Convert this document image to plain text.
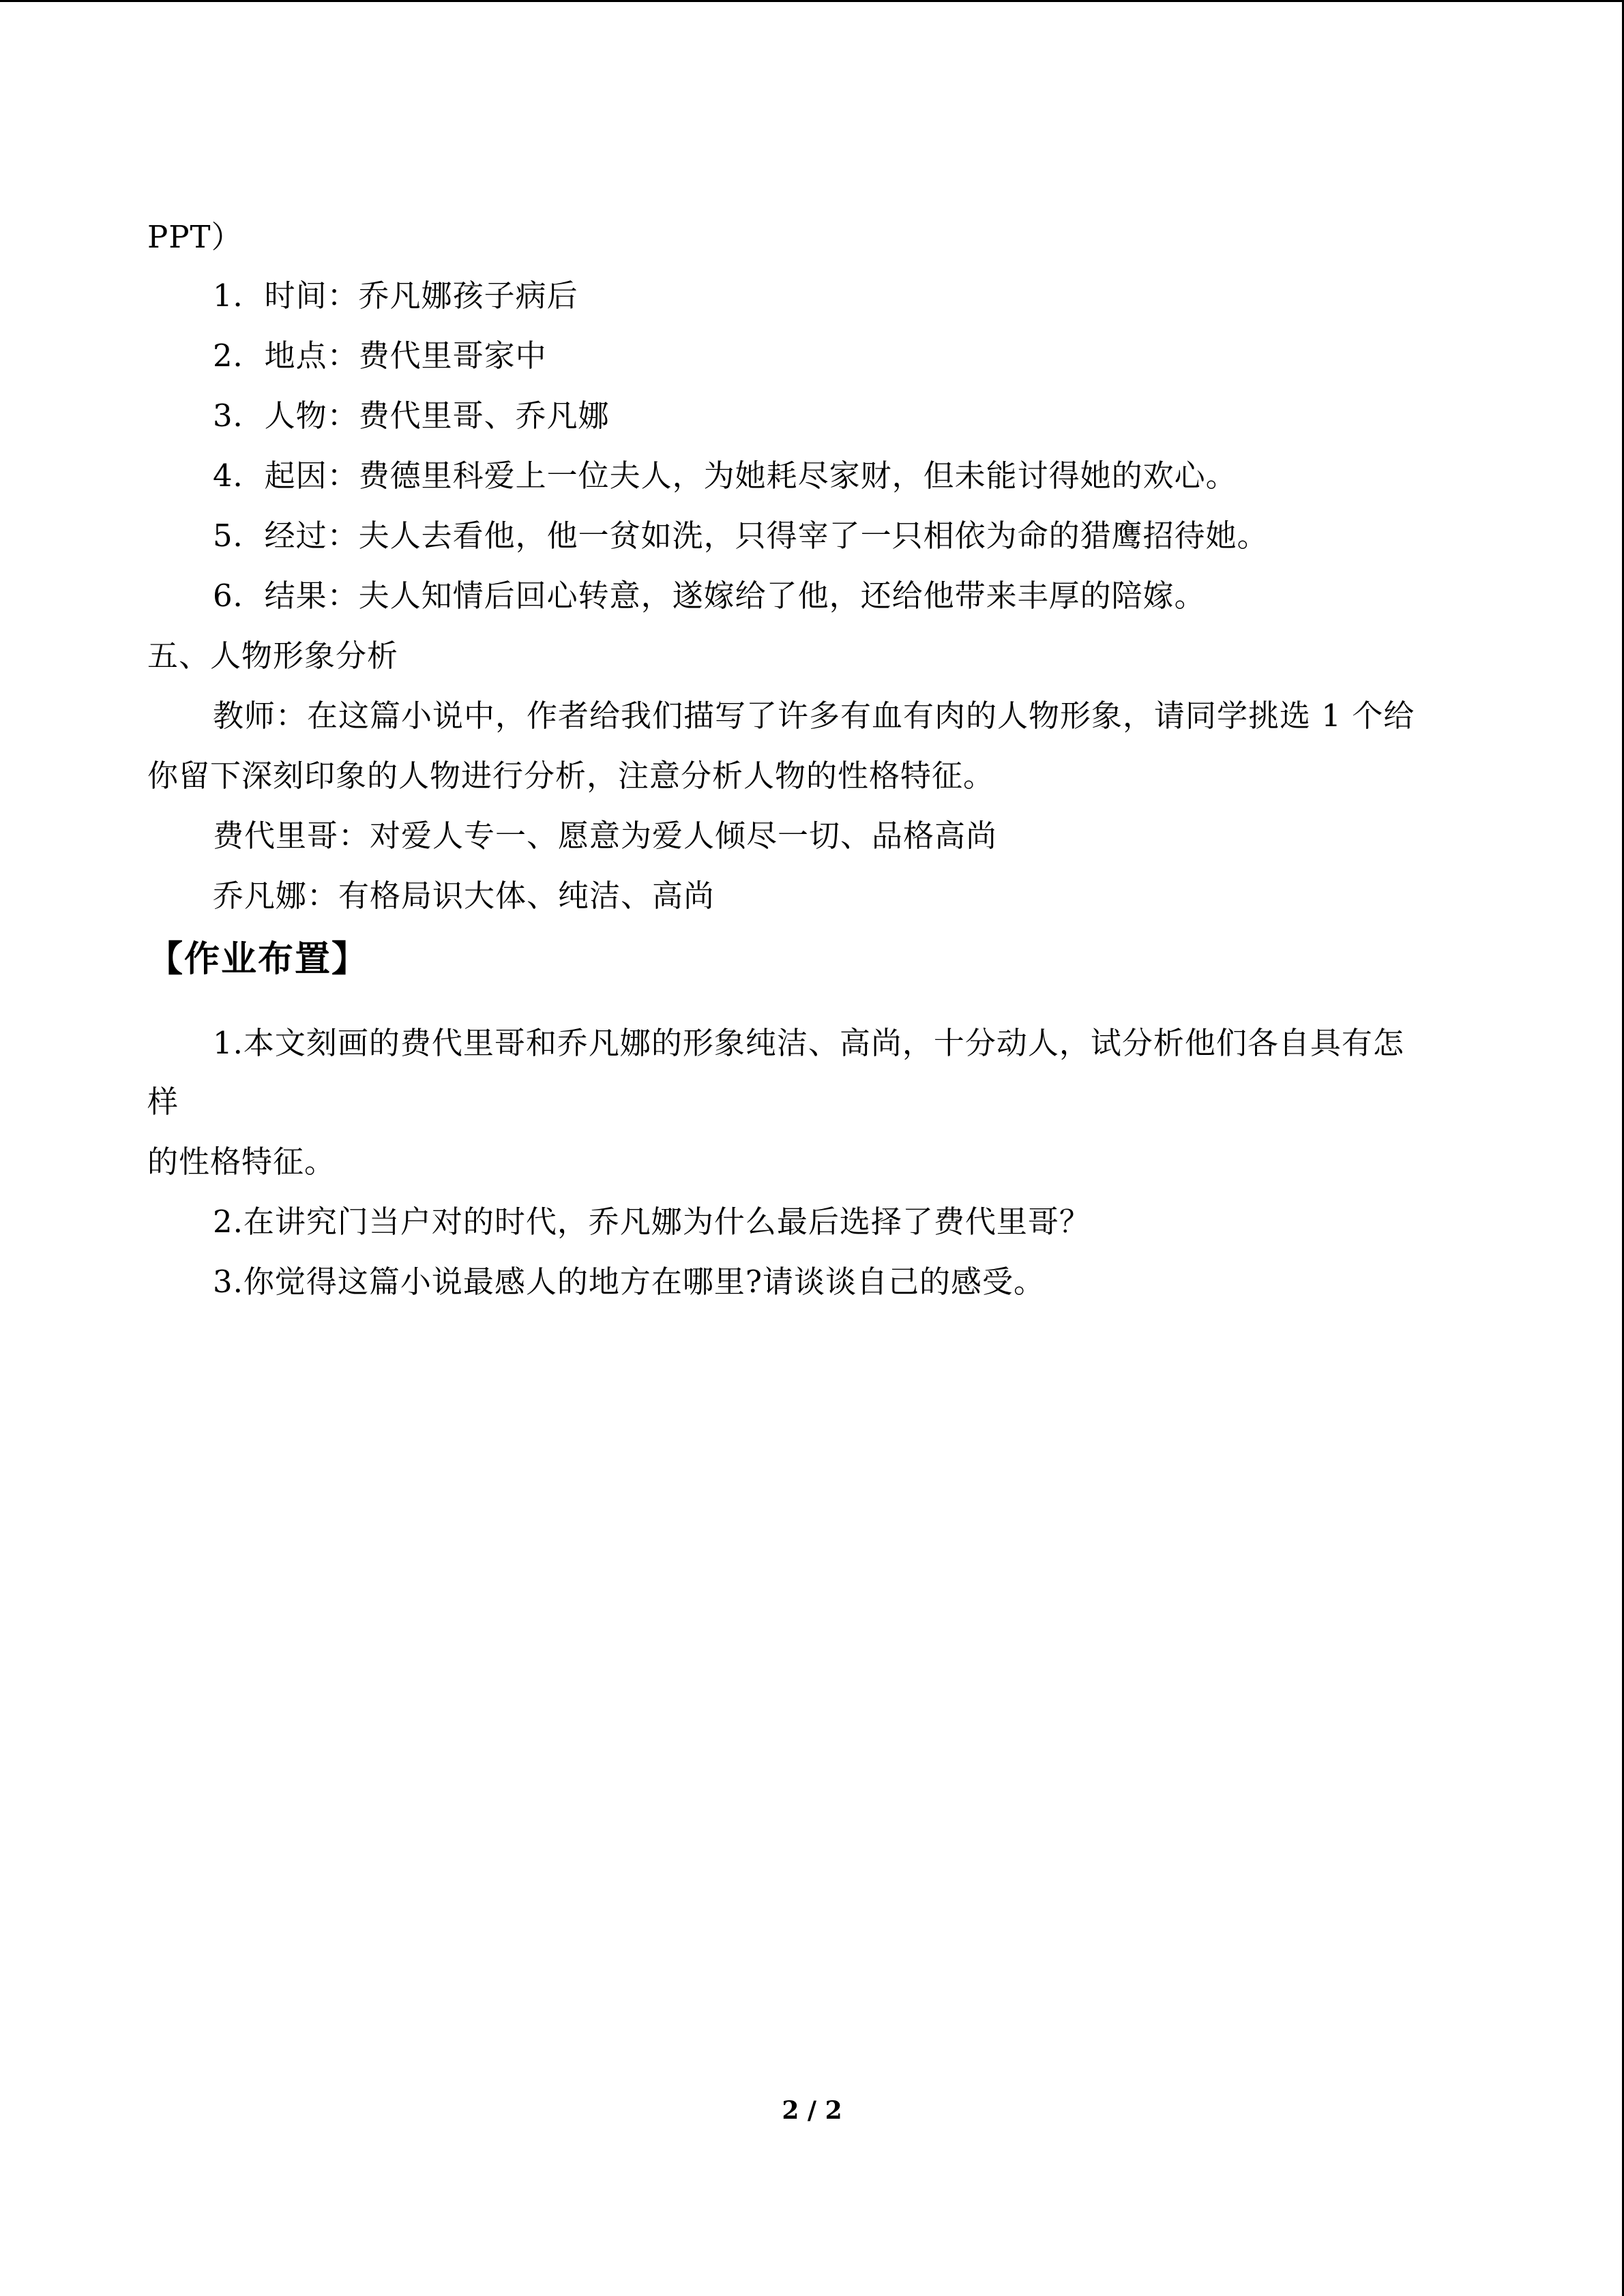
PPT）
1．时间：乔凡娜孩子病后
2．地点：费代里哥家中
3．人物：费代里哥、乔凡娜
4．起因：费德里科爱上一位夫人，为她耗尽家财，但未能讨得她的欢心。
5．经过：夫人去看他，他一贫如洗，只得宰了一只相依为命的猎鹰招待她。
6．结果：夫人知情后回心转意，遂嫁给了他，还给他带来丰厚的陪嫁。
五、人物形象分析
教师：在这篇小说中，作者给我们描写了许多有血有肉的人物形象，请同学挑选 1 个给
你留下深刻印象的人物进行分析，注意分析人物的性格特征。
费代里哥：对爱人专一、愿意为爱人倾尽一切、品格高尚
乔凡娜：有格局识大体、纯洁、高尚
【作业布置】
1.本文刻画的费代里哥和乔凡娜的形象纯洁、高尚，十分动人，试分析他们各自具有怎
样
的性格特征。
2.在讲究门当户对的时代，乔凡娜为什么最后选择了费代里哥？
3.你觉得这篇小说最感人的地方在哪里?请谈谈自己的感受。
2 / 2
